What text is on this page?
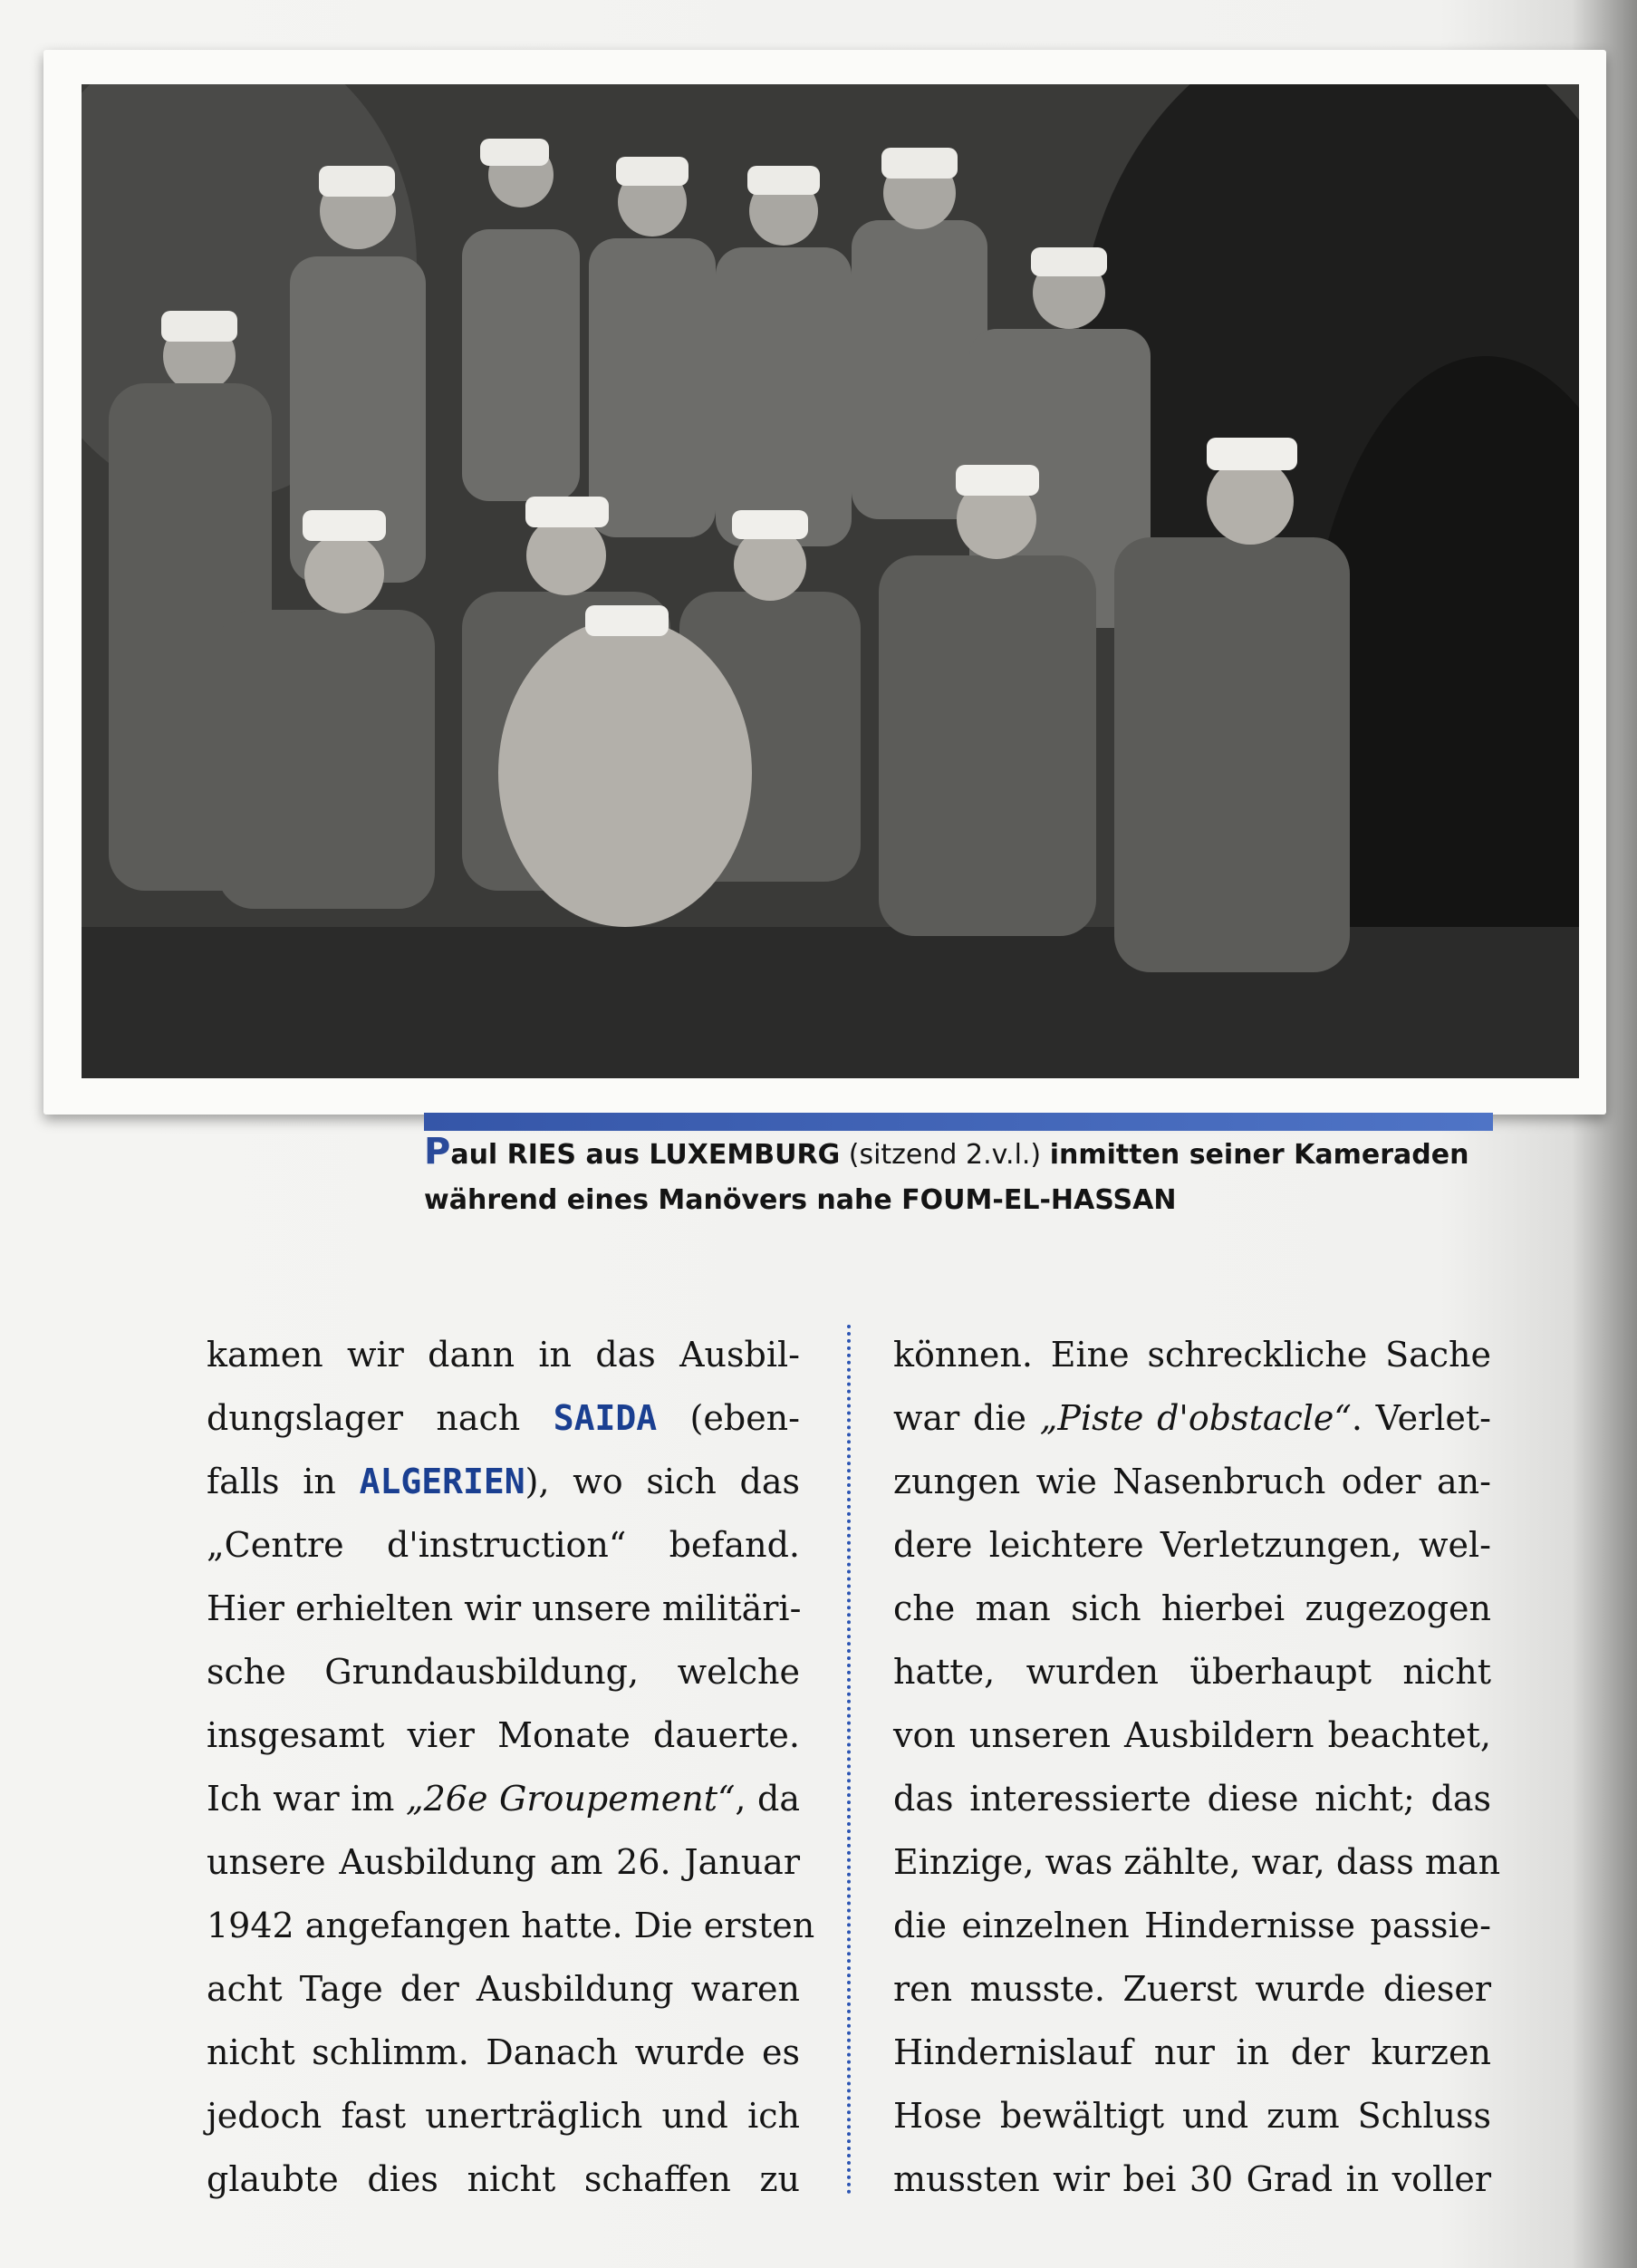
Paul RIES aus LUXEMBURG (sitzend 2.v.l.) inmitten seiner Kameraden
während eines Manövers nahe FOUM-EL-HASSAN
kamen wir dann in das Ausbil-
dungslager nach SAIDA (eben-
falls in ALGERIEN), wo sich das
„Centre d'instruction“ befand.
Hier erhielten wir unsere militäri-
sche Grundausbildung, welche
insgesamt vier Monate dauerte.
Ich war im „26e Groupement“, da
unsere Ausbildung am 26. Januar
1942 angefangen hatte. Die ersten
acht Tage der Ausbildung waren
nicht schlimm. Danach wurde es
jedoch fast unerträglich und ich
glaubte dies nicht schaffen zu
können. Eine schreckliche Sache
war die „Piste d'obstacle“. Verlet-
zungen wie Nasenbruch oder an-
dere leichtere Verletzungen, wel-
che man sich hierbei zugezogen
hatte, wurden überhaupt nicht
von unseren Ausbildern beachtet,
das interessierte diese nicht; das
Einzige, was zählte, war, dass man
die einzelnen Hindernisse passie-
ren musste. Zuerst wurde dieser
Hindernislauf nur in der kurzen
Hose bewältigt und zum Schluss
mussten wir bei 30 Grad in voller
